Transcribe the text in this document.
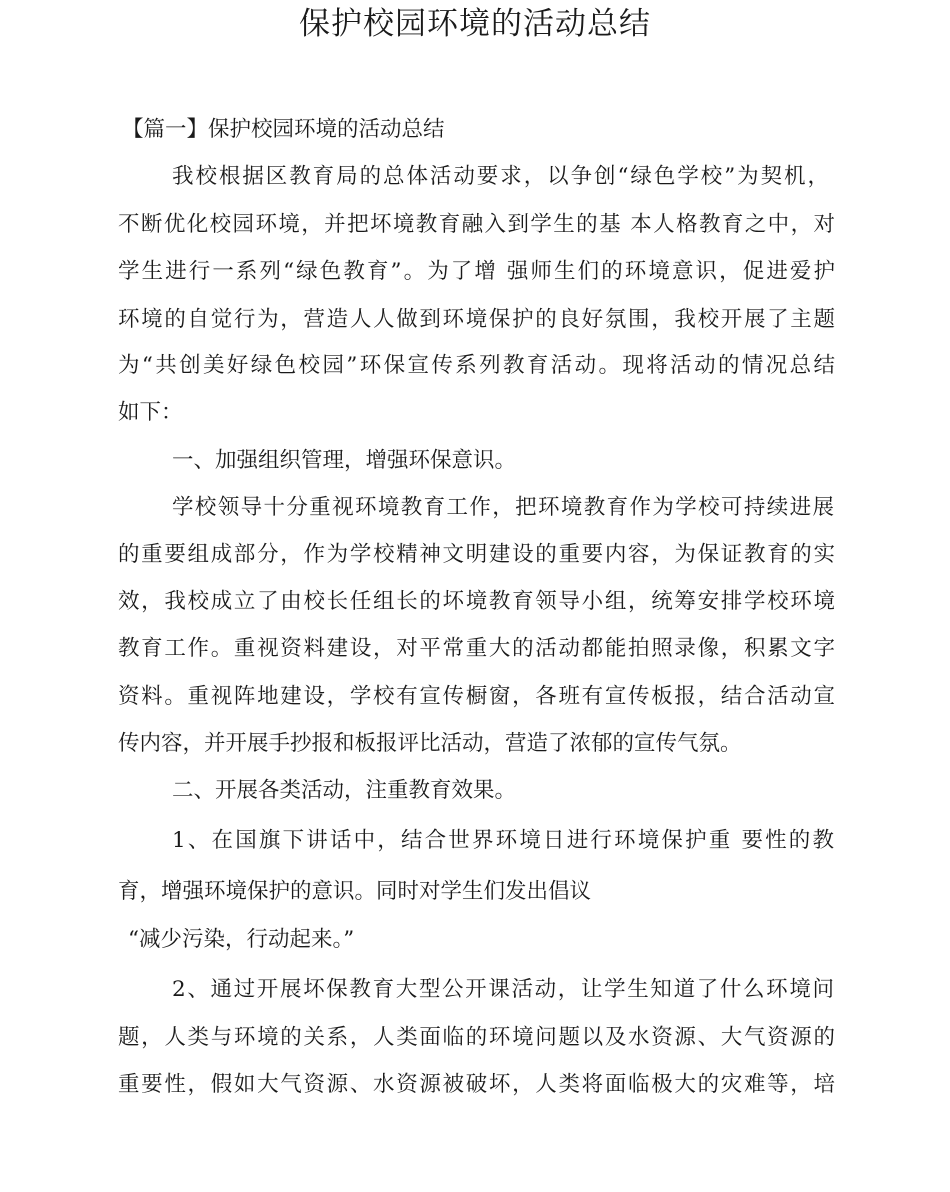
保护校园环境的活动总结
【篇一】保护校园环境的活动总结
我校根据区教育局的总体活动要求，以争创“绿色学校”为契机，
不断优化校园环境，并把坏境教育融入到学生的基 本人格教育之中，对
学生进行一系列“绿色教育”。为了增 强师生们的环境意识，促进爱护
环境的自觉行为，营造人人做到环境保护的良好氛围，我校开展了主题
为“共创美好绿色校园”环保宣传系列教育活动。现将活动的情况总结
如下：
一、加强组织管理，增强环保意识。
学校领导十分重视环境教育工作，把环境教育作为学校可持续进展
的重要组成部分，作为学校精神文明建设的重要内容，为保证教育的实
效，我校成立了由校长任组长的坏境教育领导小组，统筹安排学校环境
教育工作。重视资料建设，对平常重大的活动都能拍照录像，积累文字
资料。重视阵地建设，学校有宣传橱窗，各班有宣传板报，结合活动宣
传内容，并开展手抄报和板报评比活动，营造了浓郁的宣传气氛。
二、开展各类活动，注重教育效果。
1、在国旗下讲话中，结合世界环境日进行环境保护重 要性的教
育，增强环境保护的意识。同时对学生们发出倡议
“减少污染，行动起来。”
2、通过开展坏保教育大型公开课活动，让学生知道了什么环境问
题，人类与环境的关系，人类面临的环境问题以及水资源、大气资源的
重要性，假如大气资源、水资源被破坏，人类将面临极大的灾难等，培
